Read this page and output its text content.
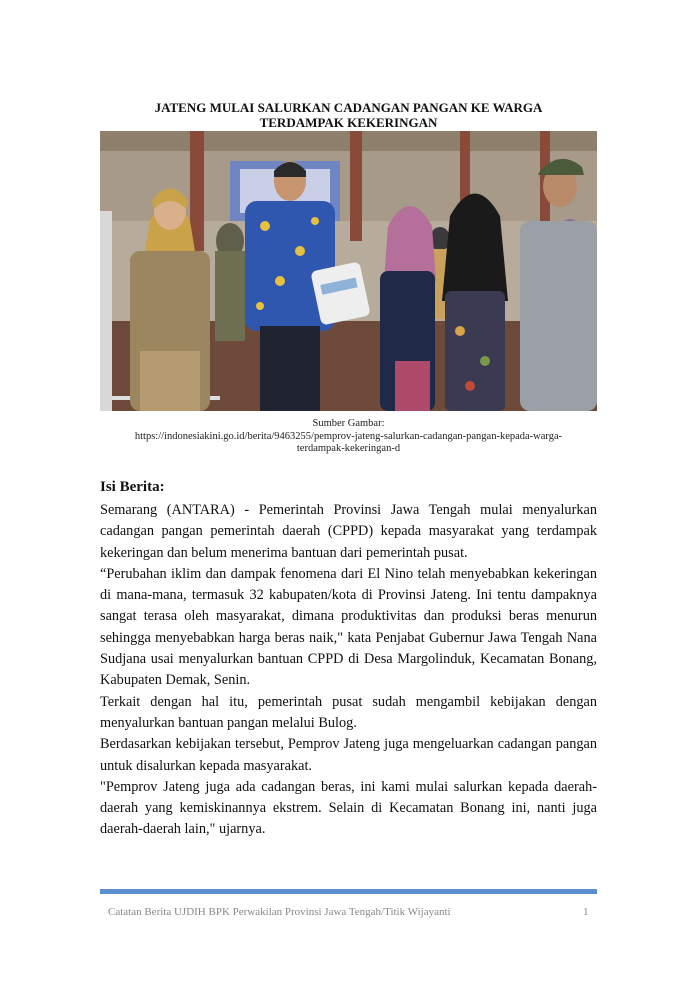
JATENG MULAI SALURKAN CADANGAN PANGAN KE WARGA
TERDAMPAK KEKERINGAN
Sumber Gambar:
https://indonesiakini.go.id/berita/9463255/pemprov-jateng-salurkan-cadangan-pangan-kepada-warga-
terdampak-kekeringan-d
Isi Berita:

Semarang (ANTARA) - Pemerintah Provinsi Jawa Tengah mulai menyalurkan cadangan pangan pemerintah daerah (CPPD) kepada masyarakat yang terdampak kekeringan dan belum menerima bantuan dari pemerintah pusat.

“Perubahan iklim dan dampak fenomena dari El Nino telah menyebabkan kekeringan di mana-mana, termasuk 32 kabupaten/kota di Provinsi Jateng. Ini tentu dampaknya sangat terasa oleh masyarakat, dimana produktivitas dan produksi beras menurun sehingga menyebabkan harga beras naik," kata Penjabat Gubernur Jawa Tengah Nana Sudjana usai menyalurkan bantuan CPPD di Desa Margolinduk, Kecamatan Bonang, Kabupaten Demak, Senin.

Terkait dengan hal itu, pemerintah pusat sudah mengambil kebijakan dengan menyalurkan bantuan pangan melalui Bulog.

Berdasarkan kebijakan tersebut, Pemprov Jateng juga mengeluarkan cadangan pangan untuk disalurkan kepada masyarakat.

"Pemprov Jateng juga ada cadangan beras, ini kami mulai salurkan kepada daerah-daerah yang kemiskinannya ekstrem. Selain di Kecamatan Bonang ini, nanti juga daerah-daerah lain," ujarnya.

Catatan Berita UJDIH BPK Perwakilan Provinsi Jawa Tengah/Titik Wijayanti	1
